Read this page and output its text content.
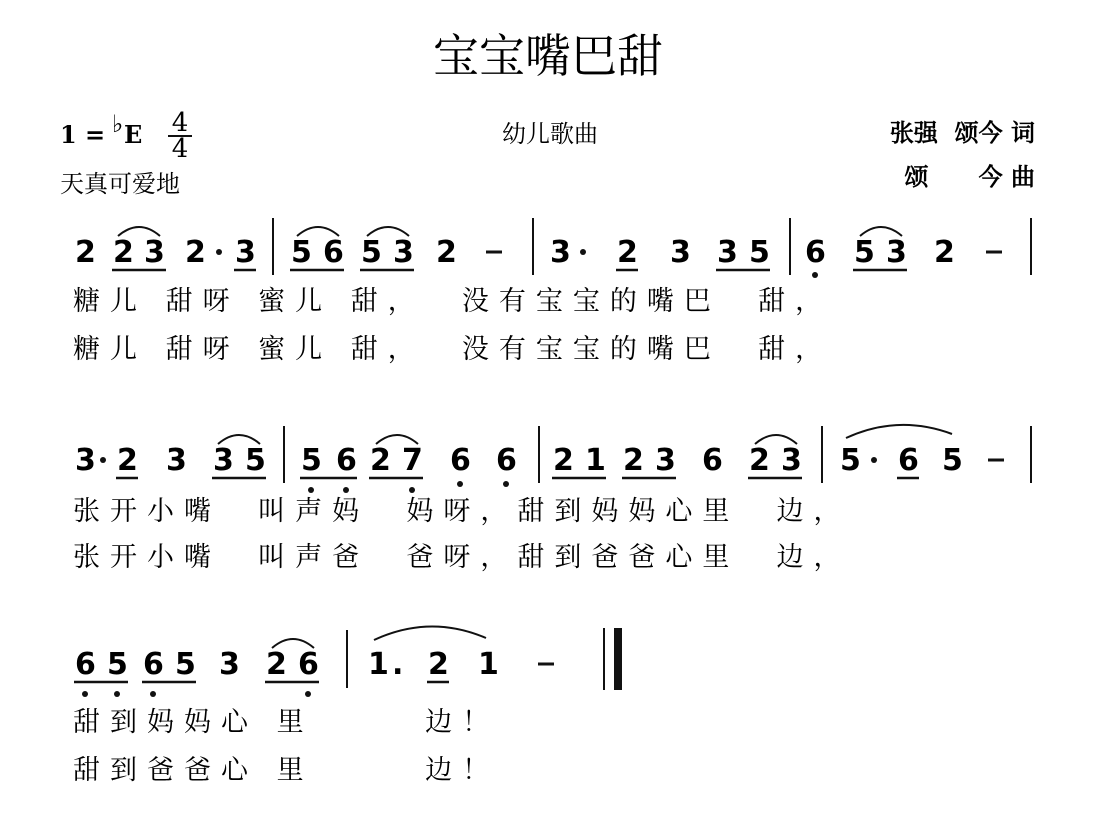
宝宝嘴巴甜
1 = ♭ E 4
4	幼儿歌曲	张强  颂今 词
颂      今 曲
天真可爱地
2 2 3 2 3 5 6 5 3 2	3 2 3 3 5 6 5 3 2
糖儿 甜呀 蜜儿 甜，  没有宝宝的嘴巴  甜，
糖儿 甜呀 蜜儿 甜，  没有宝宝的嘴巴  甜，
3 2 3 3 5 5 6 2 7 6 6 2 1 2 3 6 2 3 5 6 5
张开小嘴  叫声妈  妈呀，甜到妈妈心里  边，
张开小嘴  叫声爸  爸呀，甜到爸爸心里  边，
6 5 6 5 3 2 6 1 . 2 1
甜到妈妈心 里      边！
甜到爸爸心 里      边！
